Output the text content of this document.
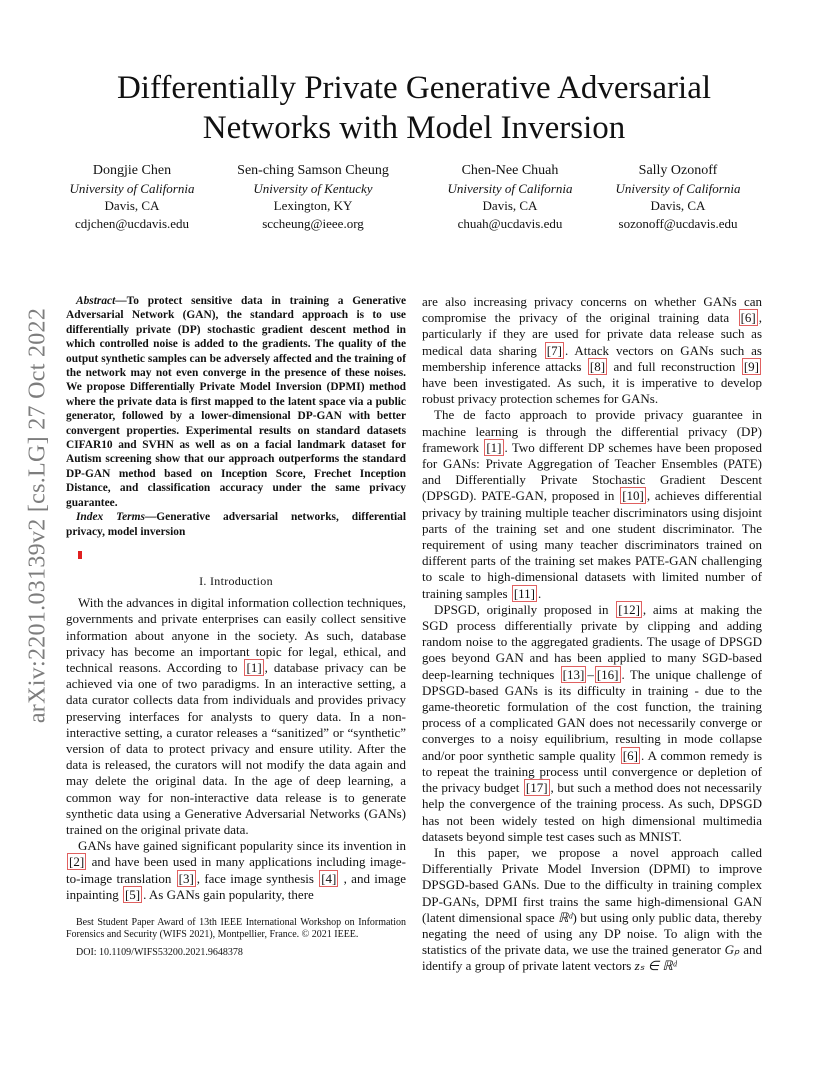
Differentially Private Generative Adversarial Networks with Model Inversion
Dongjie Chen
University of California
Davis, CA
cdjchen@ucdavis.edu
Sen-ching Samson Cheung
University of Kentucky
Lexington, KY
sccheung@ieee.org
Chen-Nee Chuah
University of California
Davis, CA
chuah@ucdavis.edu
Sally Ozonoff
University of California
Davis, CA
sozonoff@ucdavis.edu
arXiv:2201.03139v2 [cs.LG] 27 Oct 2022

Abstract—To protect sensitive data in training a Generative Adversarial Network (GAN), the standard approach is to use differentially private (DP) stochastic gradient descent method in which controlled noise is added to the gradients. The quality of the output synthetic samples can be adversely affected and the training of the network may not even converge in the presence of these noises. We propose Differentially Private Model Inversion (DPMI) method where the private data is first mapped to the latent space via a public generator, followed by a lower-dimensional DP-GAN with better convergent properties. Experimental results on standard datasets CIFAR10 and SVHN as well as on a facial landmark dataset for Autism screening show that our approach outperforms the standard DP-GAN method based on Inception Score, Frechet Inception Distance, and classification accuracy under the same privacy guarantee.

Index Terms—Generative adversarial networks, differential privacy, model inversion

I. Introduction

With the advances in digital information collection techniques, governments and private enterprises can easily collect sensitive information about anyone in the society. As such, database privacy has become an important topic for legal, ethical, and technical reasons. According to [1] , database privacy can be achieved via one of two paradigms. In an interactive setting, a data curator collects data from individuals and provides privacy preserving interfaces for analysts to query data. In a non-interactive setting, a curator releases a “sanitized” or “synthetic” version of data to protect privacy and ensure utility. After the data is released, the curators will not modify the data again and may delete the original data. In the age of deep learning, a common way for non-interactive data release is to generate synthetic data using a Generative Adversarial Networks (GANs) trained on the original private data.

GANs have gained significant popularity since its invention in [2] and have been used in many applications including image-to-image translation [3] , face image synthesis [4] , and image inpainting [5] . As GANs gain popularity, there

Best Student Paper Award of 13th IEEE International Workshop on Information Forensics and Security (WIFS 2021), Montpellier, France. © 2021 IEEE.

DOI: 10.1109/WIFS53200.2021.9648378

are also increasing privacy concerns on whether GANs can compromise the privacy of the original training data [6] , particularly if they are used for private data release such as medical data sharing [7] . Attack vectors on GANs such as membership inference attacks [8] and full reconstruction [9] have been investigated. As such, it is imperative to develop robust privacy protection schemes for GANs.

The de facto approach to provide privacy guarantee in machine learning is through the differential privacy (DP) framework [1] . Two different DP schemes have been proposed for GANs: Private Aggregation of Teacher Ensembles (PATE) and Differentially Private Stochastic Gradient Descent (DPSGD). PATE-GAN, proposed in [10] , achieves differential privacy by training multiple teacher discriminators using disjoint parts of the training set and one student discriminator. The requirement of using many teacher discriminators trained on different parts of the training set makes PATE-GAN challenging to scale to high-dimensional datasets with limited number of training samples [11] .

DPSGD, originally proposed in [12] , aims at making the SGD process differentially private by clipping and adding random noise to the aggregated gradients. The usage of DPSGD goes beyond GAN and has been applied to many SGD-based deep-learning techniques [13] – [16] . The unique challenge of DPSGD-based GANs is its difficulty in training - due to the game-theoretic formulation of the cost function, the training process of a complicated GAN does not necessarily converge or converges to a noisy equilibrium, resulting in mode collapse and/or poor synthetic sample quality [6] . A common remedy is to repeat the training process until convergence or depletion of the privacy budget [17] , but such a method does not necessarily help the convergence of the training process. As such, DPSGD has not been widely tested on high dimensional multimedia datasets beyond simple test cases such as MNIST.

In this paper, we propose a novel approach called Differentially Private Model Inversion (DPMI) to improve DPSGD-based GANs. Due to the difficulty in training complex DP-GANs, DPMI first trains the same high-dimensional GAN (latent dimensional space ℝᵈ) but using only public data, thereby negating the need of using any DP noise. To align with the statistics of the private data, we use the trained generator Gₚ and identify a group of private latent vectors zₛ ∈ ℝᵈ
